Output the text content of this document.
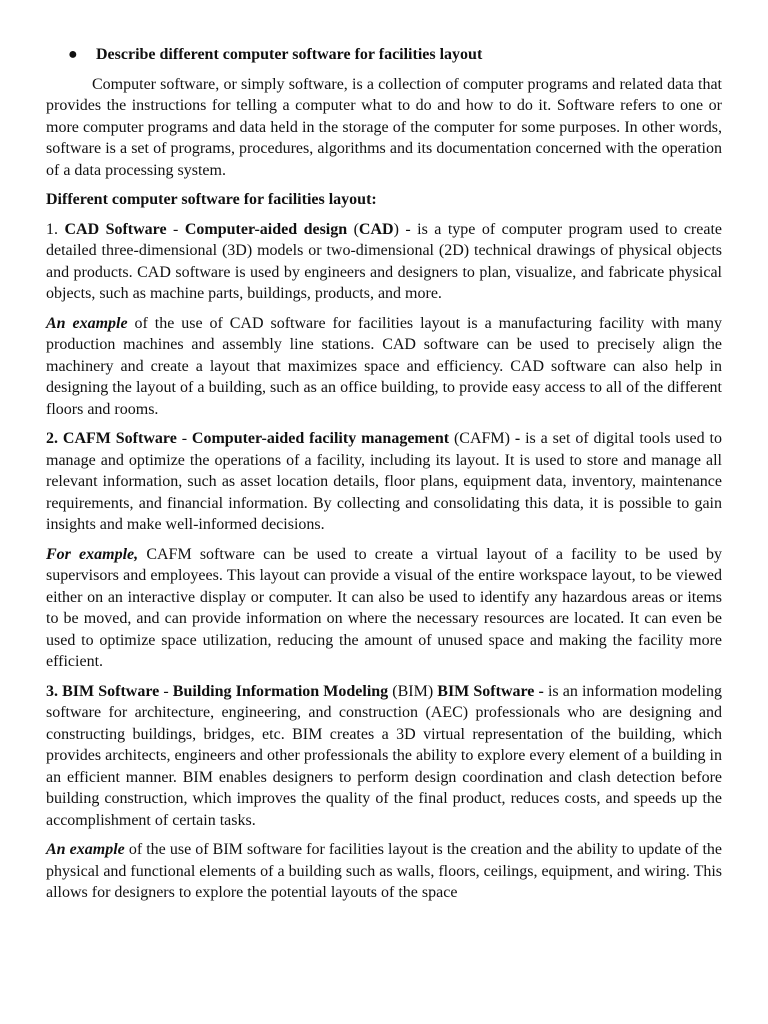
●	Describe different computer software for facilities layout

Computer software, or simply software, is a collection of computer programs and related data that provides the instructions for telling a computer what to do and how to do it. Software refers to one or more computer programs and data held in the storage of the computer for some purposes. In other words, software is a set of programs, procedures, algorithms and its documentation concerned with the operation of a data processing system.

Different computer software for facilities layout:

1. CAD Software - Computer-aided design (CAD) - is a type of computer program used to create detailed three-dimensional (3D) models or two-dimensional (2D) technical drawings of physical objects and products. CAD software is used by engineers and designers to plan, visualize, and fabricate physical objects, such as machine parts, buildings, products, and more.

An example of the use of CAD software for facilities layout is a manufacturing facility with many production machines and assembly line stations. CAD software can be used to precisely align the machinery and create a layout that maximizes space and efficiency. CAD software can also help in designing the layout of a building, such as an office building, to provide easy access to all of the different floors and rooms.

2. CAFM Software - Computer-aided facility management (CAFM) - is a set of digital tools used to manage and optimize the operations of a facility, including its layout. It is used to store and manage all relevant information, such as asset location details, floor plans, equipment data, inventory, maintenance requirements, and financial information. By collecting and consolidating this data, it is possible to gain insights and make well-informed decisions.

For example, CAFM software can be used to create a virtual layout of a facility to be used by supervisors and employees. This layout can provide a visual of the entire workspace layout, to be viewed either on an interactive display or computer. It can also be used to identify any hazardous areas or items to be moved, and can provide information on where the necessary resources are located. It can even be used to optimize space utilization, reducing the amount of unused space and making the facility more efficient.

3. BIM Software - Building Information Modeling (BIM) BIM Software - is an information modeling software for architecture, engineering, and construction (AEC) professionals who are designing and constructing buildings, bridges, etc. BIM creates a 3D virtual representation of the building, which provides architects, engineers and other professionals the ability to explore every element of a building in an efficient manner. BIM enables designers to perform design coordination and clash detection before building construction, which improves the quality of the final product, reduces costs, and speeds up the accomplishment of certain tasks.

An example of the use of BIM software for facilities layout is the creation and the ability to update of the physical and functional elements of a building such as walls, floors, ceilings, equipment, and wiring. This allows for designers to explore the potential layouts of the space
